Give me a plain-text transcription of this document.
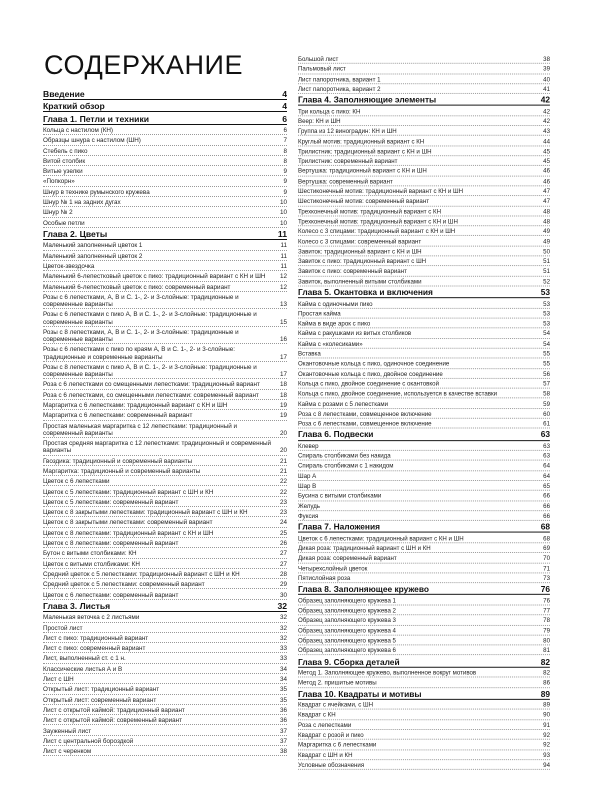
СОДЕРЖАНИЕ
Введение	4
Краткий обзор	4
Глава 1. Петли и техники	6
Кольца с настилом (КН)	6
Образцы шнура с настилом (ШН)	7
Стебель с пико	8
Витой столбик	8
Витые узелки	9
«Попкорн»	9
Шнур в технике румынского кружева	9
Шнур № 1 на задних дугах	10
Шнур № 2	10
Особые петли	10
Глава 2. Цветы	11
Маленький заполненный цветок 1	11
Маленький заполненный цветок 2	11
Цветок-звездочка	11
Маленький 6-лепестковый цветок с пико: традиционный вариант с КН и ШН 12
Маленький 6-лепестковый цветок с пико: современный вариант	12
Розы с 6 лепестками, А, В и С. 1-, 2- и 3-слойные: традиционные и современные варианты	13
Розы с 6 лепестками с пико А, В и С. 1-, 2- и 3-слойные: традиционные и современные варианты	15
Розы с 8 лепестками, А, В и С. 1-, 2- и 3-слойные: традиционные и современные варианты	16
Розы с 6 лепестками с пико по краям А, В и С. 1-, 2- и 3-слойные: традиционные и современные варианты	17
Розы с 8 лепестками с пико А, В и С. 1-, 2- и 3-слойные: традиционные и современные варианты	17
Роза с 6 лепестками со смещенными лепестками: традиционный вариант	18
Роза с 6 лепестками, со смещенными лепестками: современный вариант	18
Маргаритка с 6 лепестками: традиционный вариант с КН и ШН	19
Маргаритка с 6 лепестками: современный вариант	19
Простая маленькая маргаритка с 12 лепестками: традиционный и современный варианты	20
Простая средняя маргаритка с 12 лепестками: традиционный и современный варианты	20
Гвоздика: традиционный и современный варианты	21
Маргаритка: традиционный и современный варианты	21
Цветок с 6 лепестками	22
Цветок с 5 лепестками: традиционный вариант с ШН и КН	22
Цветок с 5 лепестками: современный вариант	23
Цветок с 8 закрытыми лепестками: традиционный вариант с ШН и КН	23
Цветок с 8 закрытыми лепестками: современный вариант	24
Цветок с 8 лепестками: традиционный вариант с КН и ШН	25
Цветок с 8 лепестками: современный вариант	26
Бутон с витыми столбиками: КН	27
Цветок с витыми столбиками: КН	27
Средний цветок с 5 лепестками: традиционный вариант с ШН и КН	28
Средний цветок с 5 лепестками: современный вариант	29
Цветок с 6 лепестками: современный вариант	30
Глава 3. Листья	32
Маленькая веточка с 2 листьями	32
Простой лист	32
Лист с пико: традиционный вариант	32
Лист с пико: современный вариант	33
Лист, выполненный ст. с 1 н.	33
Классические листья А и В	34
Лист с ШН	34
Открытый лист: традиционный вариант	35
Открытый лист: современный вариант	35
Лист с открытой каймой: традиционный вариант	36
Лист с открытой каймой: современный вариант	36
Зауженный лист	37
Лист с центральной бороздкой	37
Лист с черенком	38
Большой лист	38
Пальмовый лист	39
Лист папоротника, вариант 1	40
Лист папоротника, вариант 2	41
Глава 4. Заполняющие элементы	42
Три кольца с пико: КН	42
Веер: КН и ШН	42
Группа из 12 виноградин: КН и ШН	43
Круглый мотив: традиционный вариант с КН	44
Трилистник: традиционный вариант с КН и ШН	45
Трилистник: современный вариант	45
Вертушка: традиционный вариант с КН и ШН	46
Вертушка: современный вариант	46
Шестиконечный мотив: традиционный вариант с КН и ШН	47
Шестиконечный мотив: современный вариант	47
Трехконечный мотив: традиционный вариант с КН	48
Трехконечный мотив: традиционный вариант с КН и ШН	48
Колесо с 3 спицами: традиционный вариант с КН и ШН	49
Колесо с 3 спицами: современный вариант	49
Завиток: традиционный вариант с КН и ШН	50
Завиток с пико: традиционный вариант с ШН	51
Завиток с пико: современный вариант	51
Завиток, выполненный витыми столбиками	52
Глава 5. Окантовка и включения	53
Кайма с одиночными пико	53
Простая кайма	53
Кайма в виде арок с пико	53
Кайма с ракушками из витых столбиков	54
Кайма с «колесиками»	54
Вставка	55
Окантовочные кольца с пико, одиночное соединение	55
Окантовочные кольца с пико, двойное соединение	56
Кольца с пико, двойное соединение с окантовкой	57
Кольца с пико, двойное соединение, используется в качестве вставки	58
Кайма с розами с 5 лепестками	59
Роза с 8 лепестками, совмещенное включение	60
Роза с 6 лепестками, совмещенное включение	61
Глава 6. Подвески	63
Клевер	63
Спираль столбиками без накида	63
Спираль столбиками с 1 накидом	64
Шар А	64
Шар В	65
Бусина с витыми столбиками	66
Желудь	66
Фуксия	66
Глава 7. Наложения	68
Цветок с 6 лепестками: традиционный вариант с КН и ШН	68
Дикая роза: традиционный вариант с ШН и КН	69
Дикая роза: современный вариант	70
Четырехслойный цветок	71
Пятислойная роза	73
Глава 8. Заполняющее кружево	76
Образец заполняющего кружева 1	76
Образец заполняющего кружева 2	77
Образец заполняющего кружева 3	78
Образец заполняющего кружева 4	79
Образец заполняющего кружева 5	80
Образец заполняющего кружева 6	81
Глава 9. Сборка деталей	82
Метод 1. Заполняющее кружево, выполненное вокруг мотивов	82
Метод 2. пришитые мотивы	86
Глава 10. Квадраты и мотивы	89
Квадрат с ячейками, с ШН	89
Квадрат с КН	90
Роза с лепестками	91
Квадрат с розой и пико	92
Маргаритка с 6 лепестками	92
Квадрат с ШН и КН	93
Условные обозначения	94
